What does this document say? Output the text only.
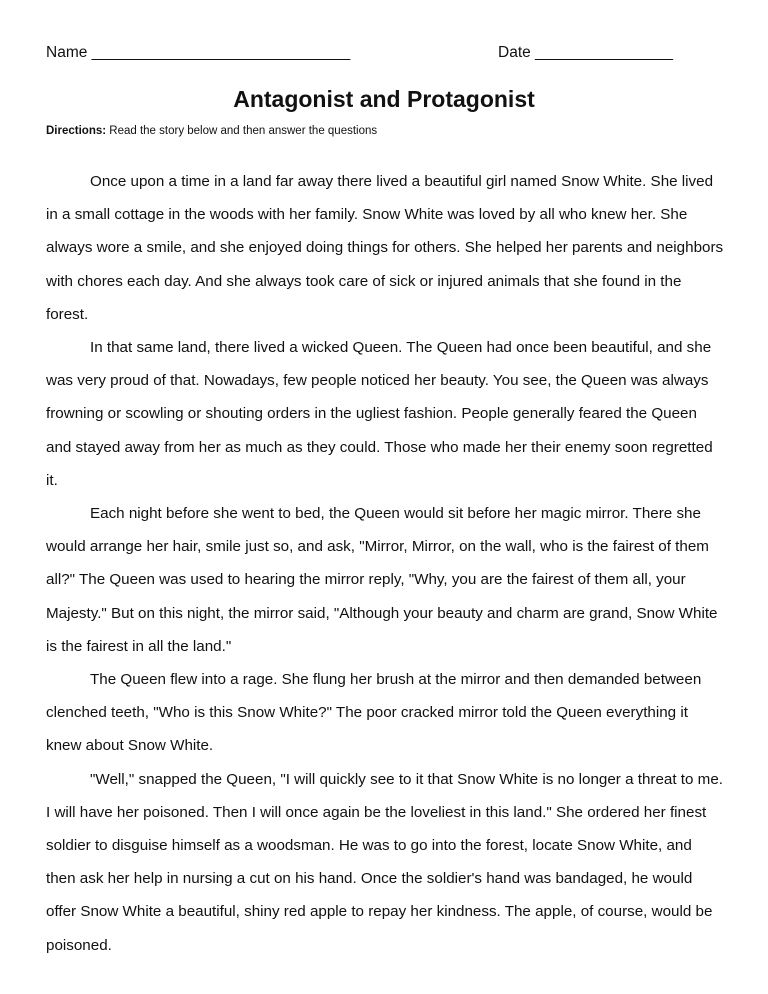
Name ______________________________	Date ________________
Antagonist and Protagonist

Directions: Read the story below and then answer the questions

Once upon a time in a land far away there lived a beautiful girl named Snow White. She lived in a small cottage in the woods with her family. Snow White was loved by all who knew her. She always wore a smile, and she enjoyed doing things for others. She helped her parents and neighbors with chores each day. And she always took care of sick or injured animals that she found in the forest.

In that same land, there lived a wicked Queen. The Queen had once been beautiful, and she was very proud of that. Nowadays, few people noticed her beauty. You see, the Queen was always frowning or scowling or shouting orders in the ugliest fashion. People generally feared the Queen and stayed away from her as much as they could. Those who made her their enemy soon regretted it.

Each night before she went to bed, the Queen would sit before her magic mirror. There she would arrange her hair, smile just so, and ask, "Mirror, Mirror, on the wall, who is the fairest of them all?" The Queen was used to hearing the mirror reply, "Why, you are the fairest of them all, your Majesty." But on this night, the mirror said, "Although your beauty and charm are grand, Snow White is the fairest in all the land."

The Queen flew into a rage. She flung her brush at the mirror and then demanded between clenched teeth, "Who is this Snow White?" The poor cracked mirror told the Queen everything it knew about Snow White.

"Well," snapped the Queen, "I will quickly see to it that Snow White is no longer a threat to me. I will have her poisoned. Then I will once again be the loveliest in this land." She ordered her finest soldier to disguise himself as a woodsman. He was to go into the forest, locate Snow White, and then ask her help in nursing a cut on his hand. Once the soldier's hand was bandaged, he would offer Snow White a beautiful, shiny red apple to repay her kindness. The apple, of course, would be poisoned.
